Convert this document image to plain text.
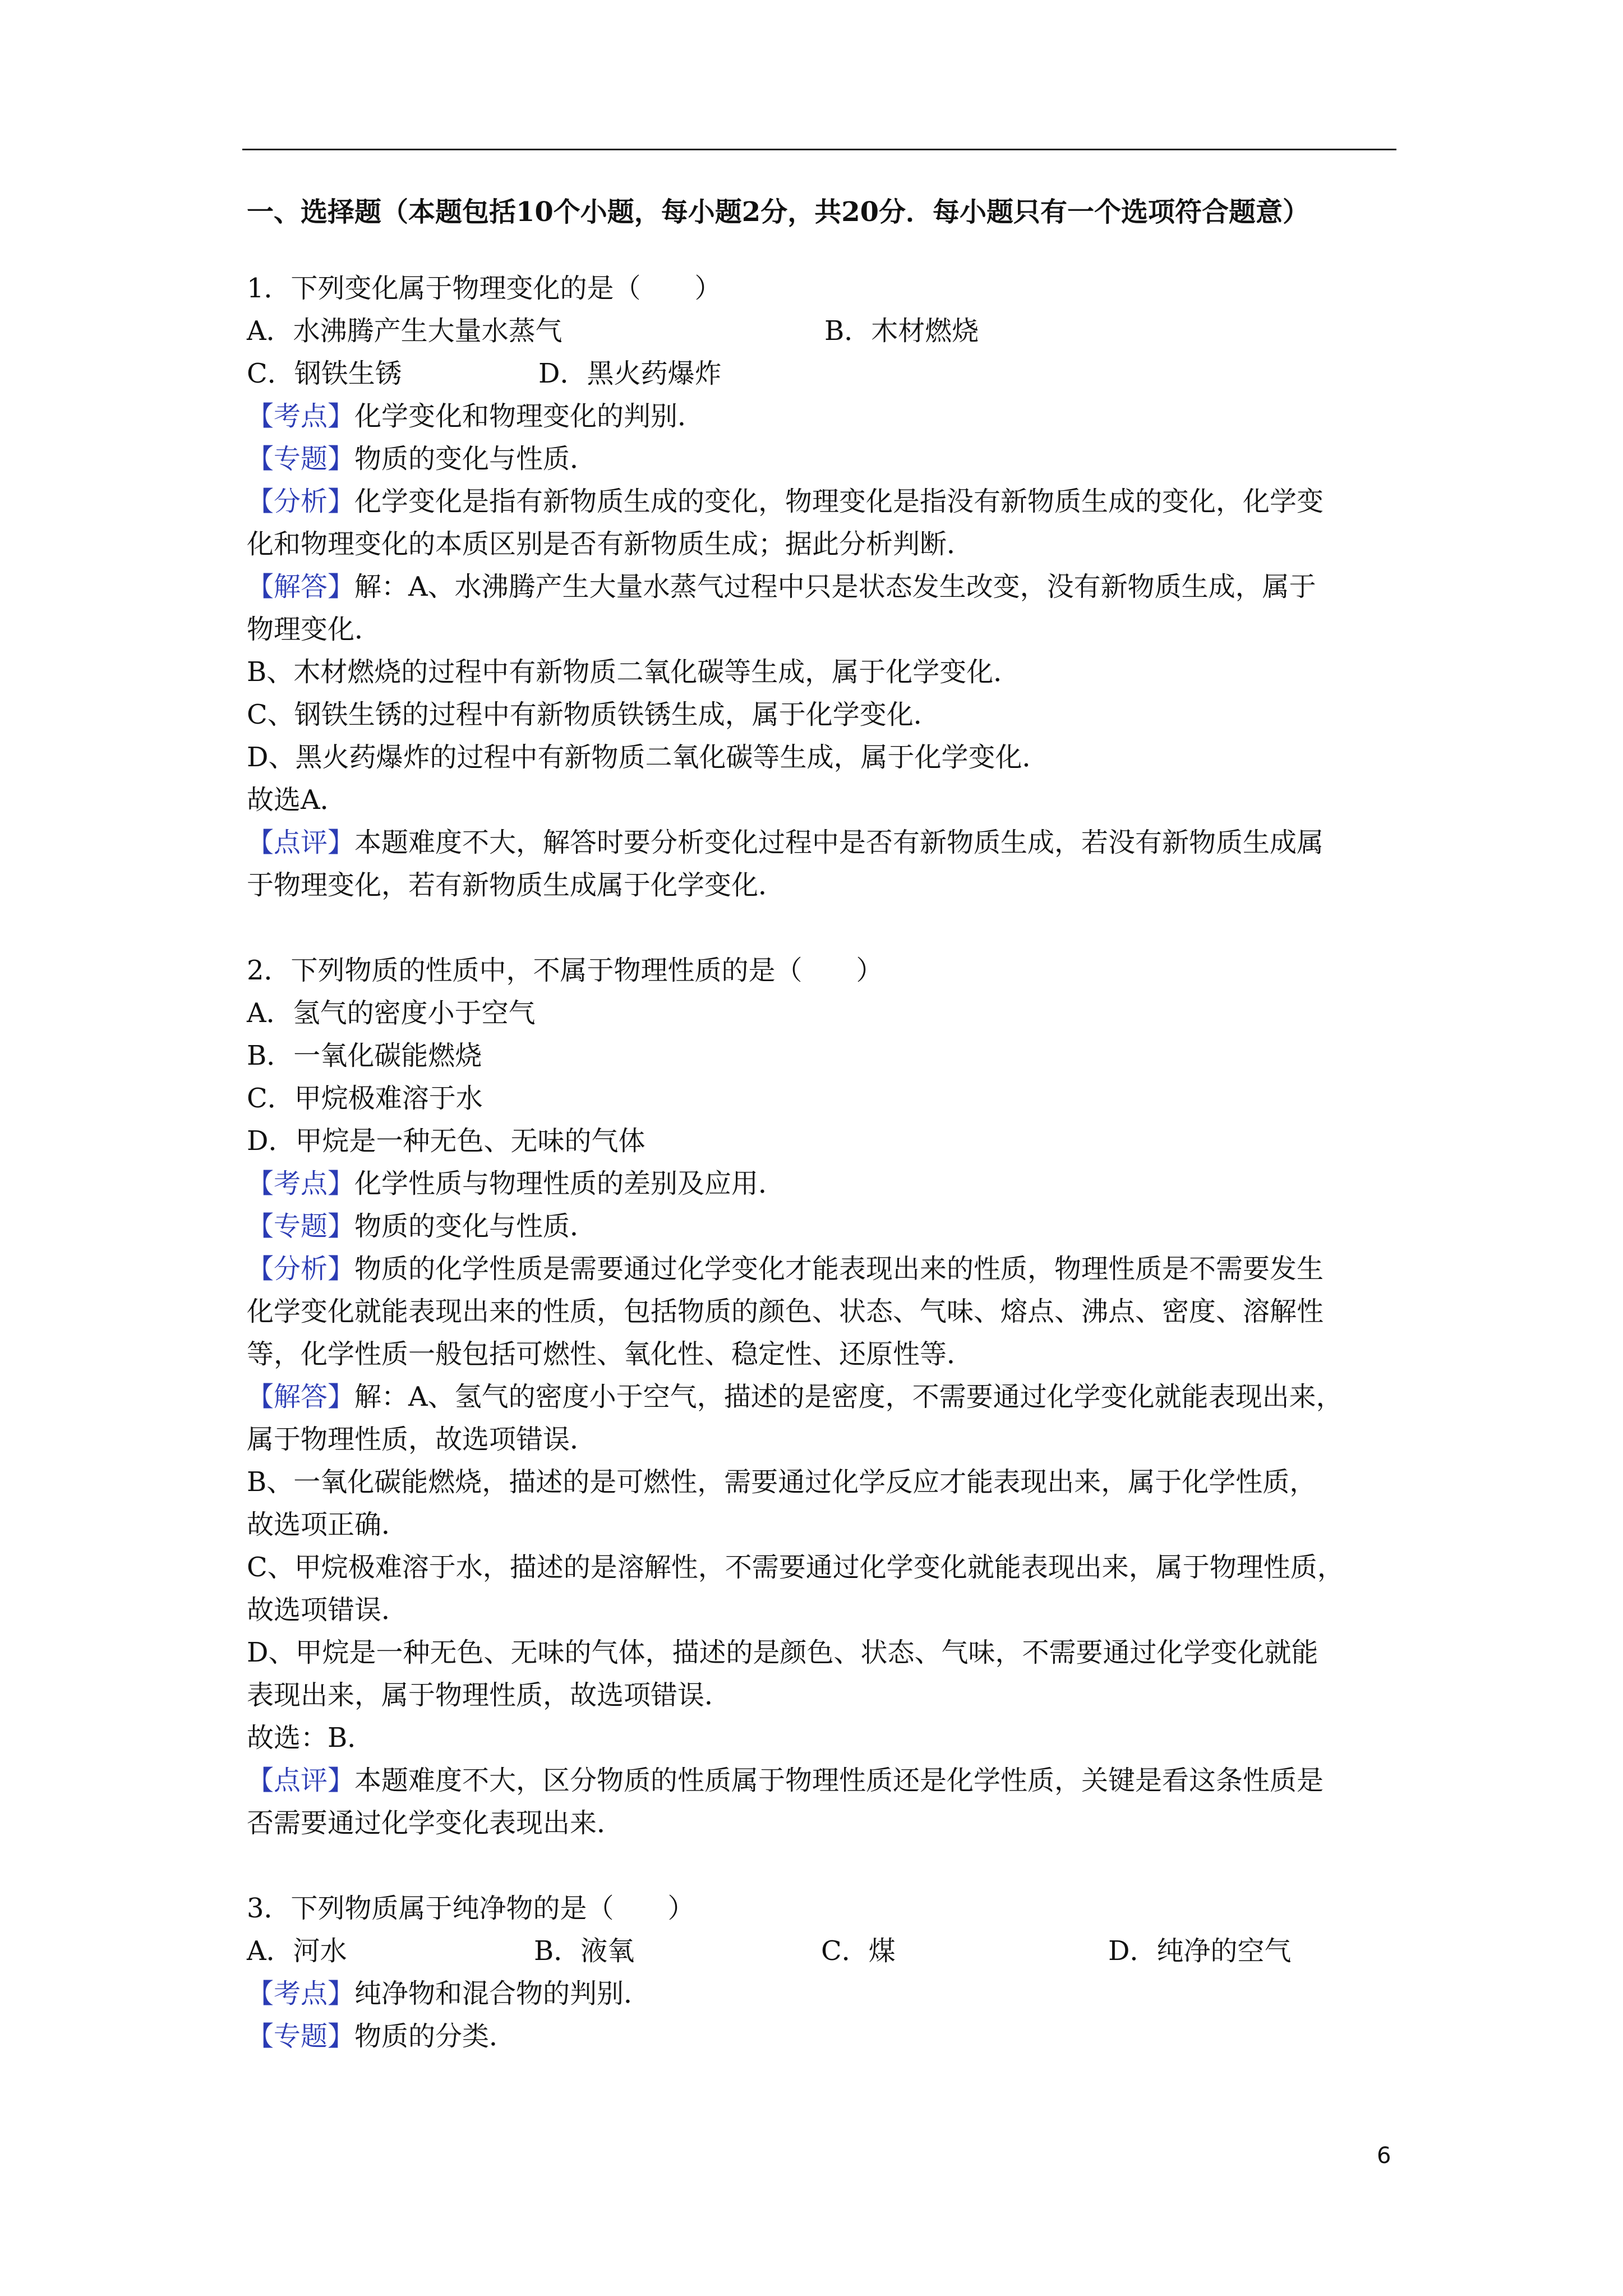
一、选择题（本题包括10个小题，每小题2分，共20分．每小题只有一个选项符合题意）

1．下列变化属于物理变化的是（　　）

A．水沸腾产生大量水蒸气	B．木材燃烧
C．钢铁生锈	D．黑火药爆炸

【考点】化学变化和物理变化的判别．

【专题】物质的变化与性质．

【分析】化学变化是指有新物质生成的变化，物理变化是指没有新物质生成的变化，化学变

化和物理变化的本质区别是否有新物质生成；据此分析判断．

【解答】解：A、水沸腾产生大量水蒸气过程中只是状态发生改变，没有新物质生成，属于

物理变化．

B、木材燃烧的过程中有新物质二氧化碳等生成，属于化学变化．

C、钢铁生锈的过程中有新物质铁锈生成，属于化学变化．

D、黑火药爆炸的过程中有新物质二氧化碳等生成，属于化学变化．

故选A．

【点评】本题难度不大，解答时要分析变化过程中是否有新物质生成，若没有新物质生成属

于物理变化，若有新物质生成属于化学变化．

2．下列物质的性质中，不属于物理性质的是（　　）

A．氢气的密度小于空气

B．一氧化碳能燃烧

C．甲烷极难溶于水

D．甲烷是一种无色、无味的气体

【考点】化学性质与物理性质的差别及应用．

【专题】物质的变化与性质．

【分析】物质的化学性质是需要通过化学变化才能表现出来的性质，物理性质是不需要发生

化学变化就能表现出来的性质，包括物质的颜色、状态、气味、熔点、沸点、密度、溶解性

等，化学性质一般包括可燃性、氧化性、稳定性、还原性等．

【解答】解：A、氢气的密度小于空气，描述的是密度，不需要通过化学变化就能表现出来，

属于物理性质，故选项错误．

B、一氧化碳能燃烧，描述的是可燃性，需要通过化学反应才能表现出来，属于化学性质，

故选项正确．

C、甲烷极难溶于水，描述的是溶解性，不需要通过化学变化就能表现出来，属于物理性质，

故选项错误．

D、甲烷是一种无色、无味的气体，描述的是颜色、状态、气味，不需要通过化学变化就能

表现出来，属于物理性质，故选项错误．

故选：B．

【点评】本题难度不大，区分物质的性质属于物理性质还是化学性质，关键是看这条性质是

否需要通过化学变化表现出来．

3．下列物质属于纯净物的是（　　）

A．河水	B．液氧	C．煤	D．纯净的空气

【考点】纯净物和混合物的判别．

【专题】物质的分类．

6
